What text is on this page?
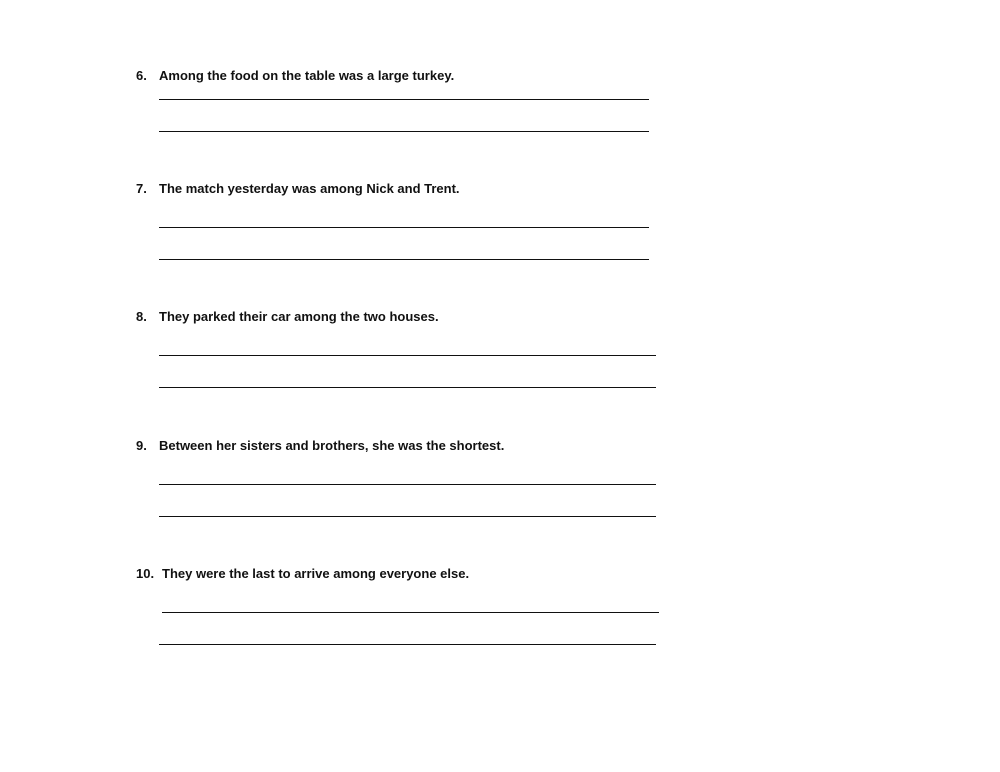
6. Among the food on the table was a large turkey.
7. The match yesterday was among Nick and Trent.
8. They parked their car among the two houses.
9. Between her sisters and brothers, she was the shortest.
10. They were the last to arrive among everyone else.
